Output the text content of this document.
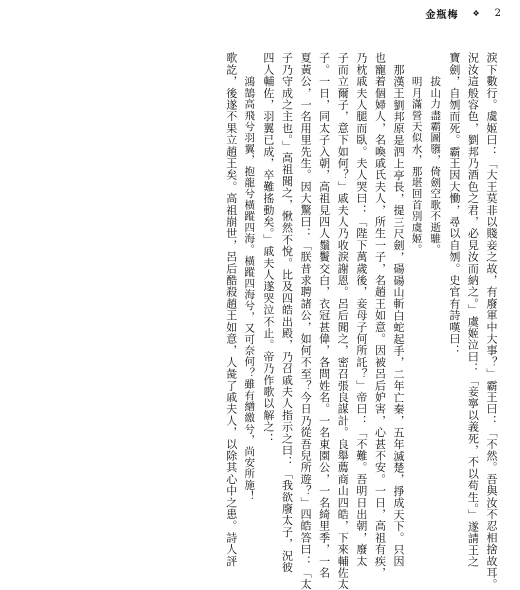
金瓶梅 ❖ 2

淚下數行。虞姬曰：「大王莫非以賤妾之故，有廢軍中大事？」霸王曰：「不然。吾與汝不忍相捨故耳。

況汝這般容色，劉邦乃酒色之君，必見汝而納之。」虞姬泣曰：「妾寧以義死，不以苟生。」遂請王之

寶劍，自刎而死。霸王因大慟，尋以自刎。史官有詩嘆曰：

拔山力盡霸圖隳，倚劍空歌不逝騅。

明月滿營天似水，那堪回首別虞姬。

那漢王劉邦原是泗上亭長，提三尺劍，碭碭山斬白蛇起手，二年亡秦，五年滅楚，掙成天下。只因

也寵着個婦人，名喚戚氏夫人，所生一子，名趙王如意。因被呂后妒害，心甚不安。一日，高祖有疾，

乃枕戚夫人腿而臥。夫人哭曰：「陛下萬歲後，妾母子何所託？」帝曰：「不難。吾明日出朝，廢太

子而立爾子，意下如何？」戚夫人乃收淚謝恩。呂后聞之，密召張良謀計。良舉薦商山四皓，下來輔佐太

子。一日，同太子入朝，高祖見四人鬚鬢交白，衣冠甚偉，各問姓名。一名東園公，一名綺里季，一名

夏黃公，一名用里先生。因大驚曰：「朕昔求聘諸公，如何不至？今日乃從吾兒所遊？」四皓答曰：「太

子乃守成之主也。」高祖聞之，愀然不悅。比及四皓出殿，乃召戚夫人指示之曰：「我欲廢太子，況彼

四人輔佐，羽翼已成，卒難搖動矣。」戚夫人遂哭泣不止。帝乃作歌以解之：

鴻鵠高飛兮羽翼，抱龍兮橫蹤四海。橫蹤四海兮，又可奈何？雖有繒繳兮，尚安所施！

歌訖，後遂不果立趙王矣。高祖崩世，呂后酷殺趙王如意，人彘了戚夫人，以除其心中之患。詩人評
